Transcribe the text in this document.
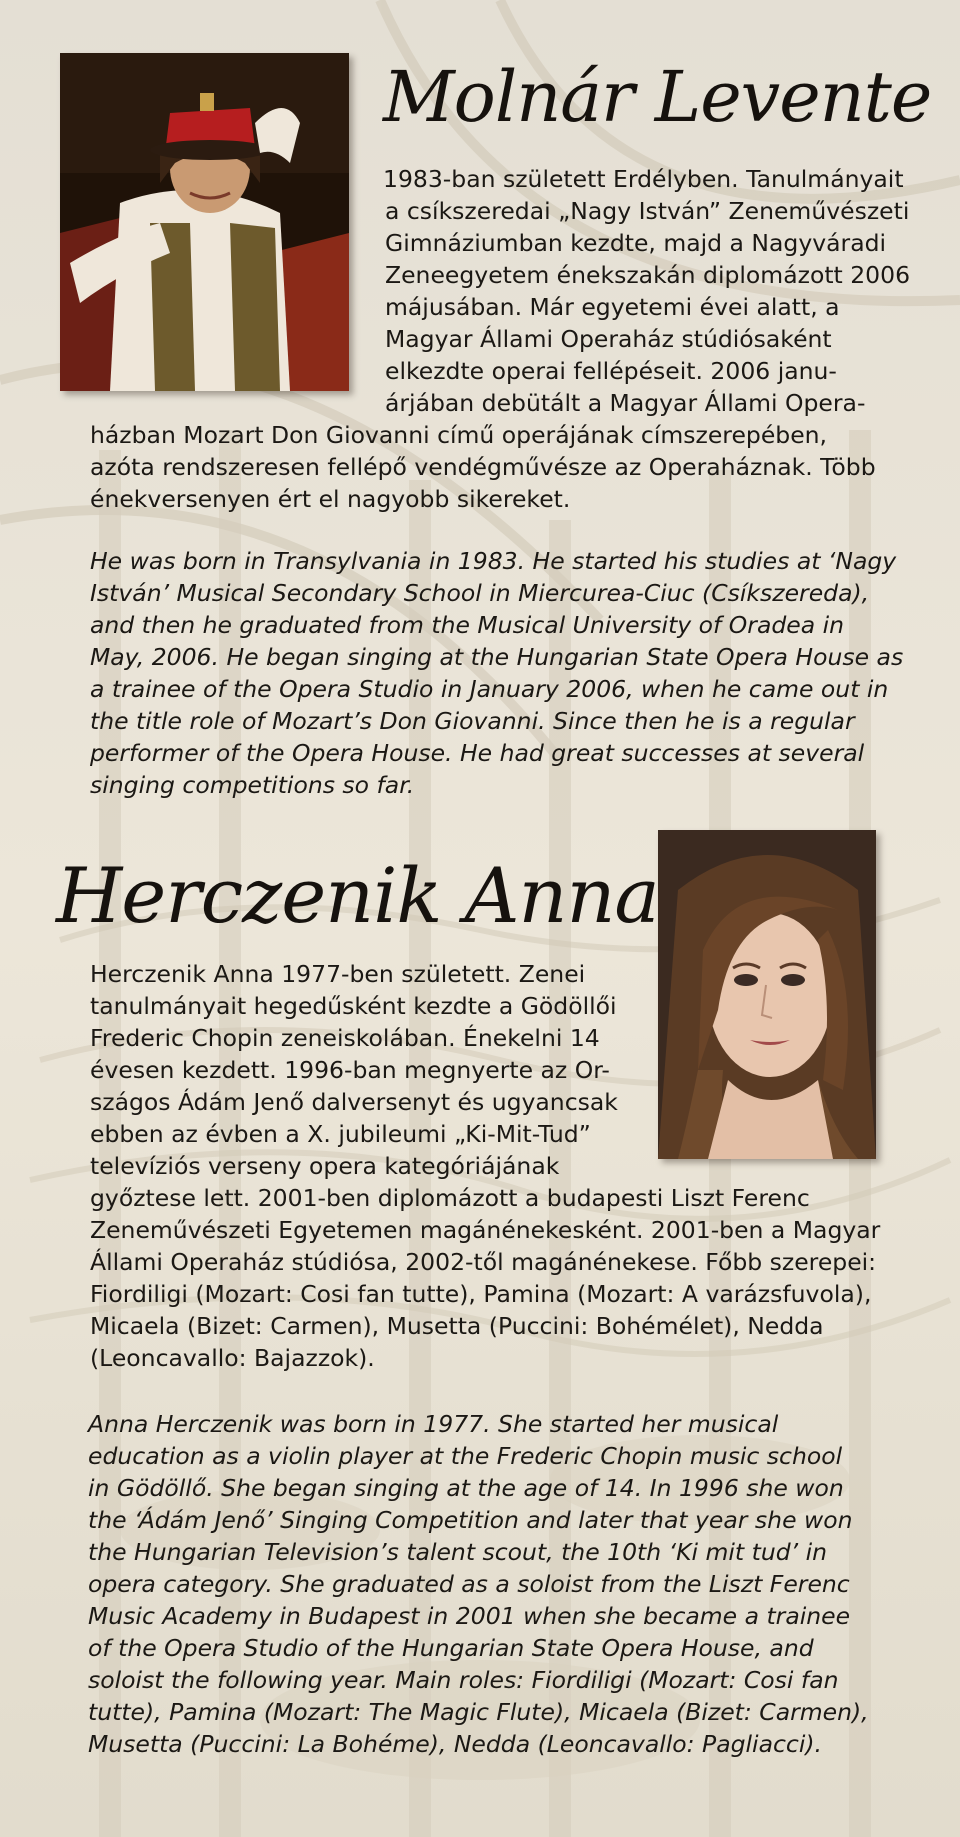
Molnár Levente
1983-ban született Erdélyben. Tanulmányait
a csíkszeredai „Nagy István” Zeneművészeti
Gimnáziumban kezdte, majd a Nagyváradi
Zeneegyetem énekszakán diplomázott 2006
májusában. Már egyetemi évei alatt, a
Magyar Állami Operaház stúdiósaként
elkezdte operai fellépéseit. 2006 janu-
árjában debütált a Magyar Állami Opera-
házban Mozart Don Giovanni című operájának címszerepében,
azóta rendszeresen fellépő vendégművésze az Operaháznak. Több
énekversenyen ért el nagyobb sikereket.
He was born in Transylvania in 1983. He started his studies at ‘Nagy
István’ Musical Secondary School in Miercurea-Ciuc (Csíkszereda),
and then he graduated from the Musical University of Oradea in
May, 2006. He began singing at the Hungarian State Opera House as
a trainee of the Opera Studio in January 2006, when he came out in
the title role of Mozart’s Don Giovanni. Since then he is a regular
performer of the Opera House. He had great successes at several
singing competitions so far.
Herczenik Anna
Herczenik Anna 1977-ben született. Zenei
tanulmányait hegedűsként kezdte a Gödöllői
Frederic Chopin zeneiskolában. Énekelni 14
évesen kezdett. 1996-ban megnyerte az Or-
szágos Ádám Jenő dalversenyt és ugyancsak
ebben az évben a X. jubileumi „Ki-Mit-Tud”
televíziós verseny opera kategóriájának
győztese lett. 2001-ben diplomázott a budapesti Liszt Ferenc
Zeneművészeti Egyetemen magánénekesként. 2001-ben a Magyar
Állami Operaház stúdiósa, 2002-től magánénekese. Főbb szerepei:
Fiordiligi (Mozart: Cosi fan tutte), Pamina (Mozart: A varázsfuvola),
Micaela (Bizet: Carmen), Musetta (Puccini: Bohémélet), Nedda
(Leoncavallo: Bajazzok).
Anna Herczenik was born in 1977. She started her musical
education as a violin player at the Frederic Chopin music school
in Gödöllő. She began singing at the age of 14. In 1996 she won
the ‘Ádám Jenő’ Singing Competition and later that year she won
the Hungarian Television’s talent scout, the 10th ‘Ki mit tud’ in
opera category. She graduated as a soloist from the Liszt Ferenc
Music Academy in Budapest in 2001 when she became a trainee
of the Opera Studio of the Hungarian State Opera House, and
soloist the following year. Main roles: Fiordiligi (Mozart: Cosi fan
tutte), Pamina (Mozart: The Magic Flute), Micaela (Bizet: Carmen),
Musetta (Puccini: La Bohéme), Nedda (Leoncavallo: Pagliacci).
